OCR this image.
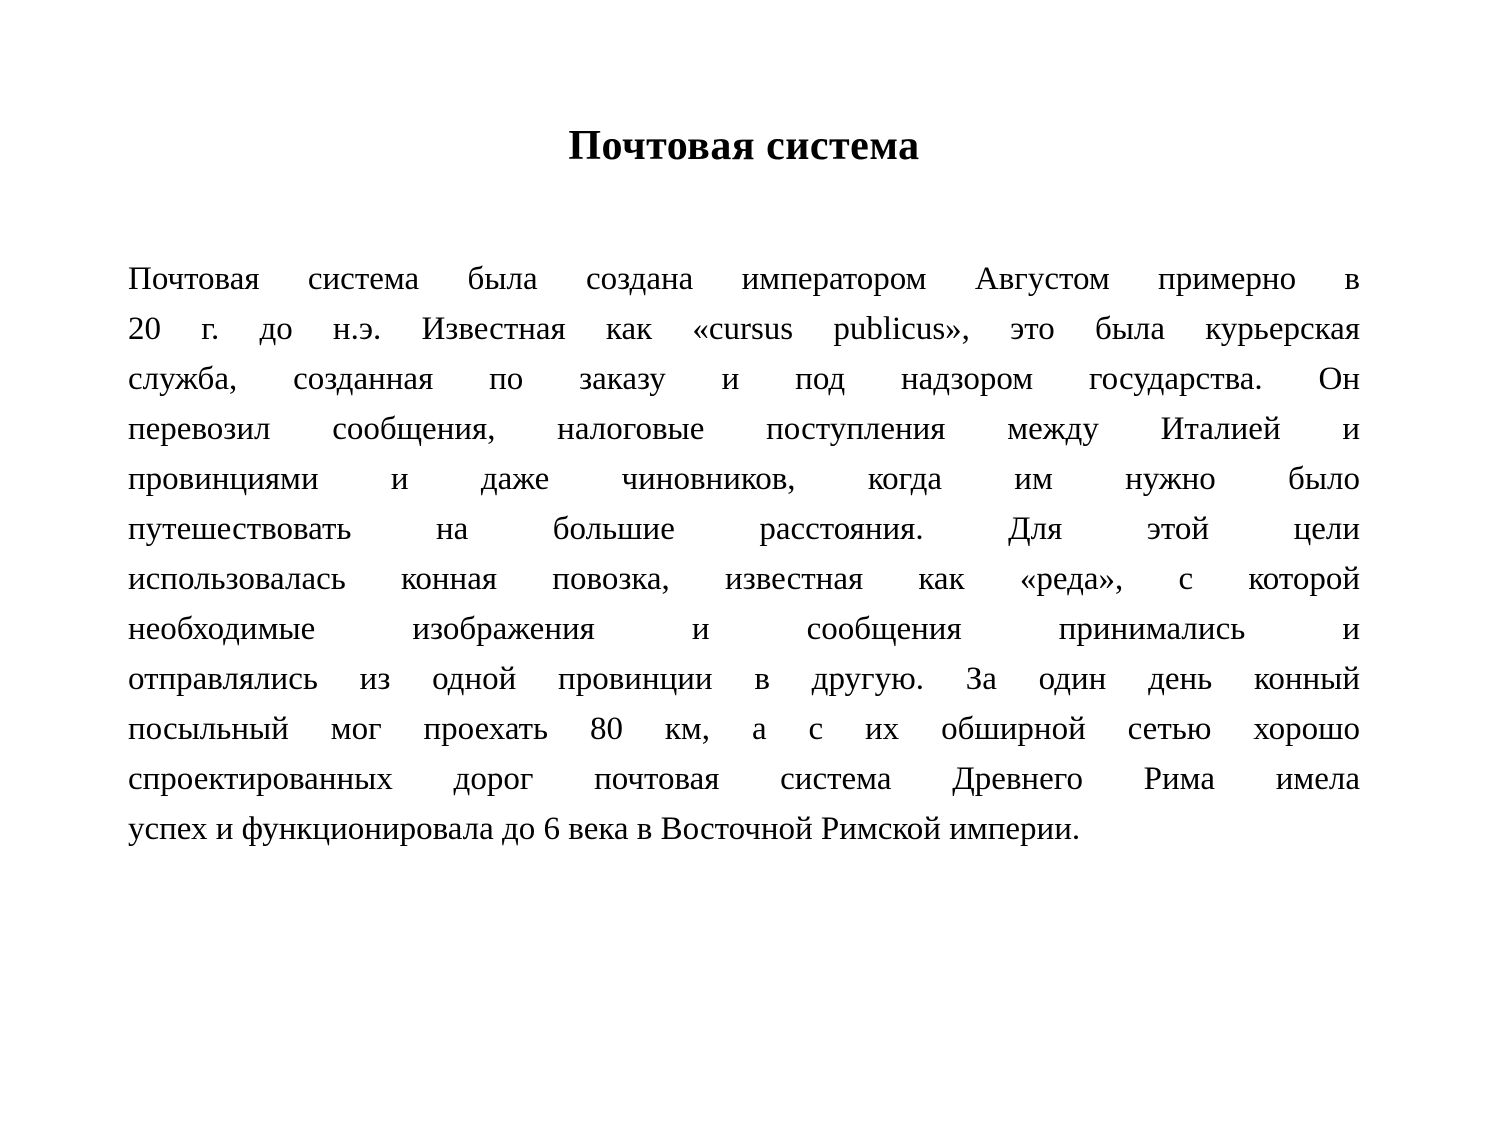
Почтовая система
Почтовая система была создана императором Августом примерно в
20 г. до н.э. Известная как «cursus publicus», это была курьерская
служба, созданная по заказу и под надзором государства. Он
перевозил сообщения, налоговые поступления между Италией и
провинциями и даже чиновников, когда им нужно было
путешествовать на большие расстояния. Для этой цели
использовалась конная повозка, известная как «реда», с которой
необходимые изображения и сообщения принимались и
отправлялись из одной провинции в другую. За один день конный
посыльный мог проехать 80 км, а с их обширной сетью хорошо
спроектированных дорог почтовая система Древнего Рима имела
успех и функционировала до 6 века в Восточной Римской империи.
